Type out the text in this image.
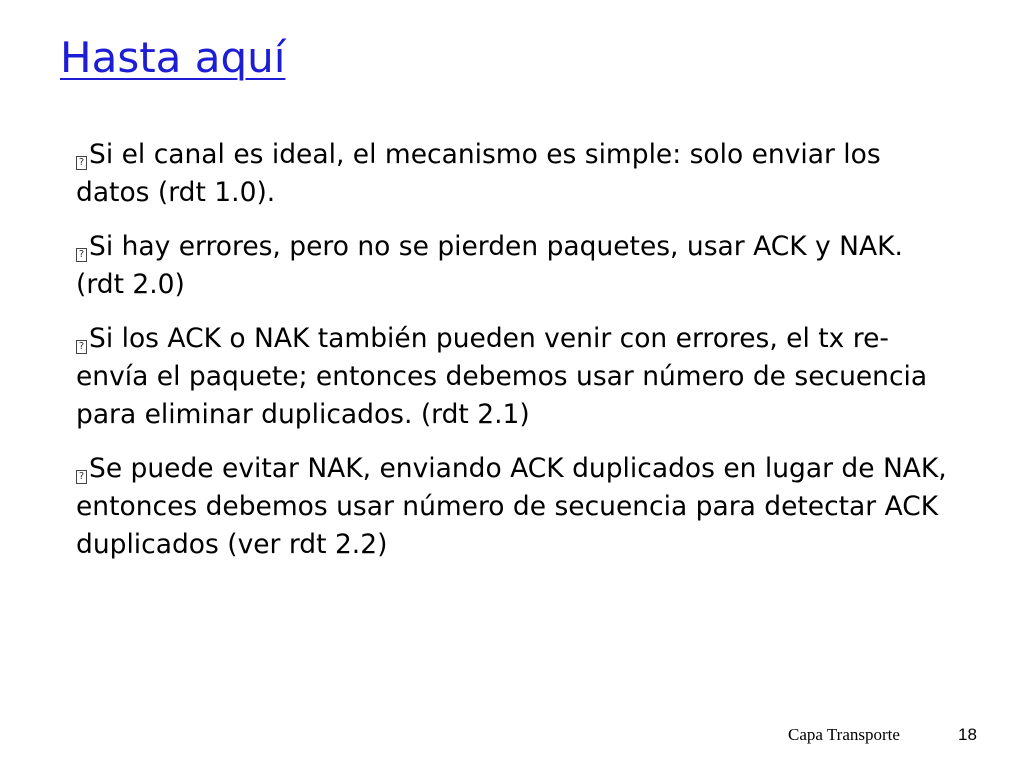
Hasta aquí
? Si el canal es ideal, el mecanismo es simple: solo enviar los datos (rdt 1.0).
? Si hay errores, pero no se pierden paquetes, usar ACK y NAK. (rdt 2.0)
? Si los ACK o NAK también pueden venir con errores, el tx re-envía el paquete; entonces debemos usar número de secuencia para eliminar duplicados. (rdt 2.1)
? Se puede evitar NAK, enviando ACK duplicados en lugar de NAK, entonces debemos usar número de secuencia para detectar ACK duplicados (ver rdt 2.2)
Capa Transporte	18
